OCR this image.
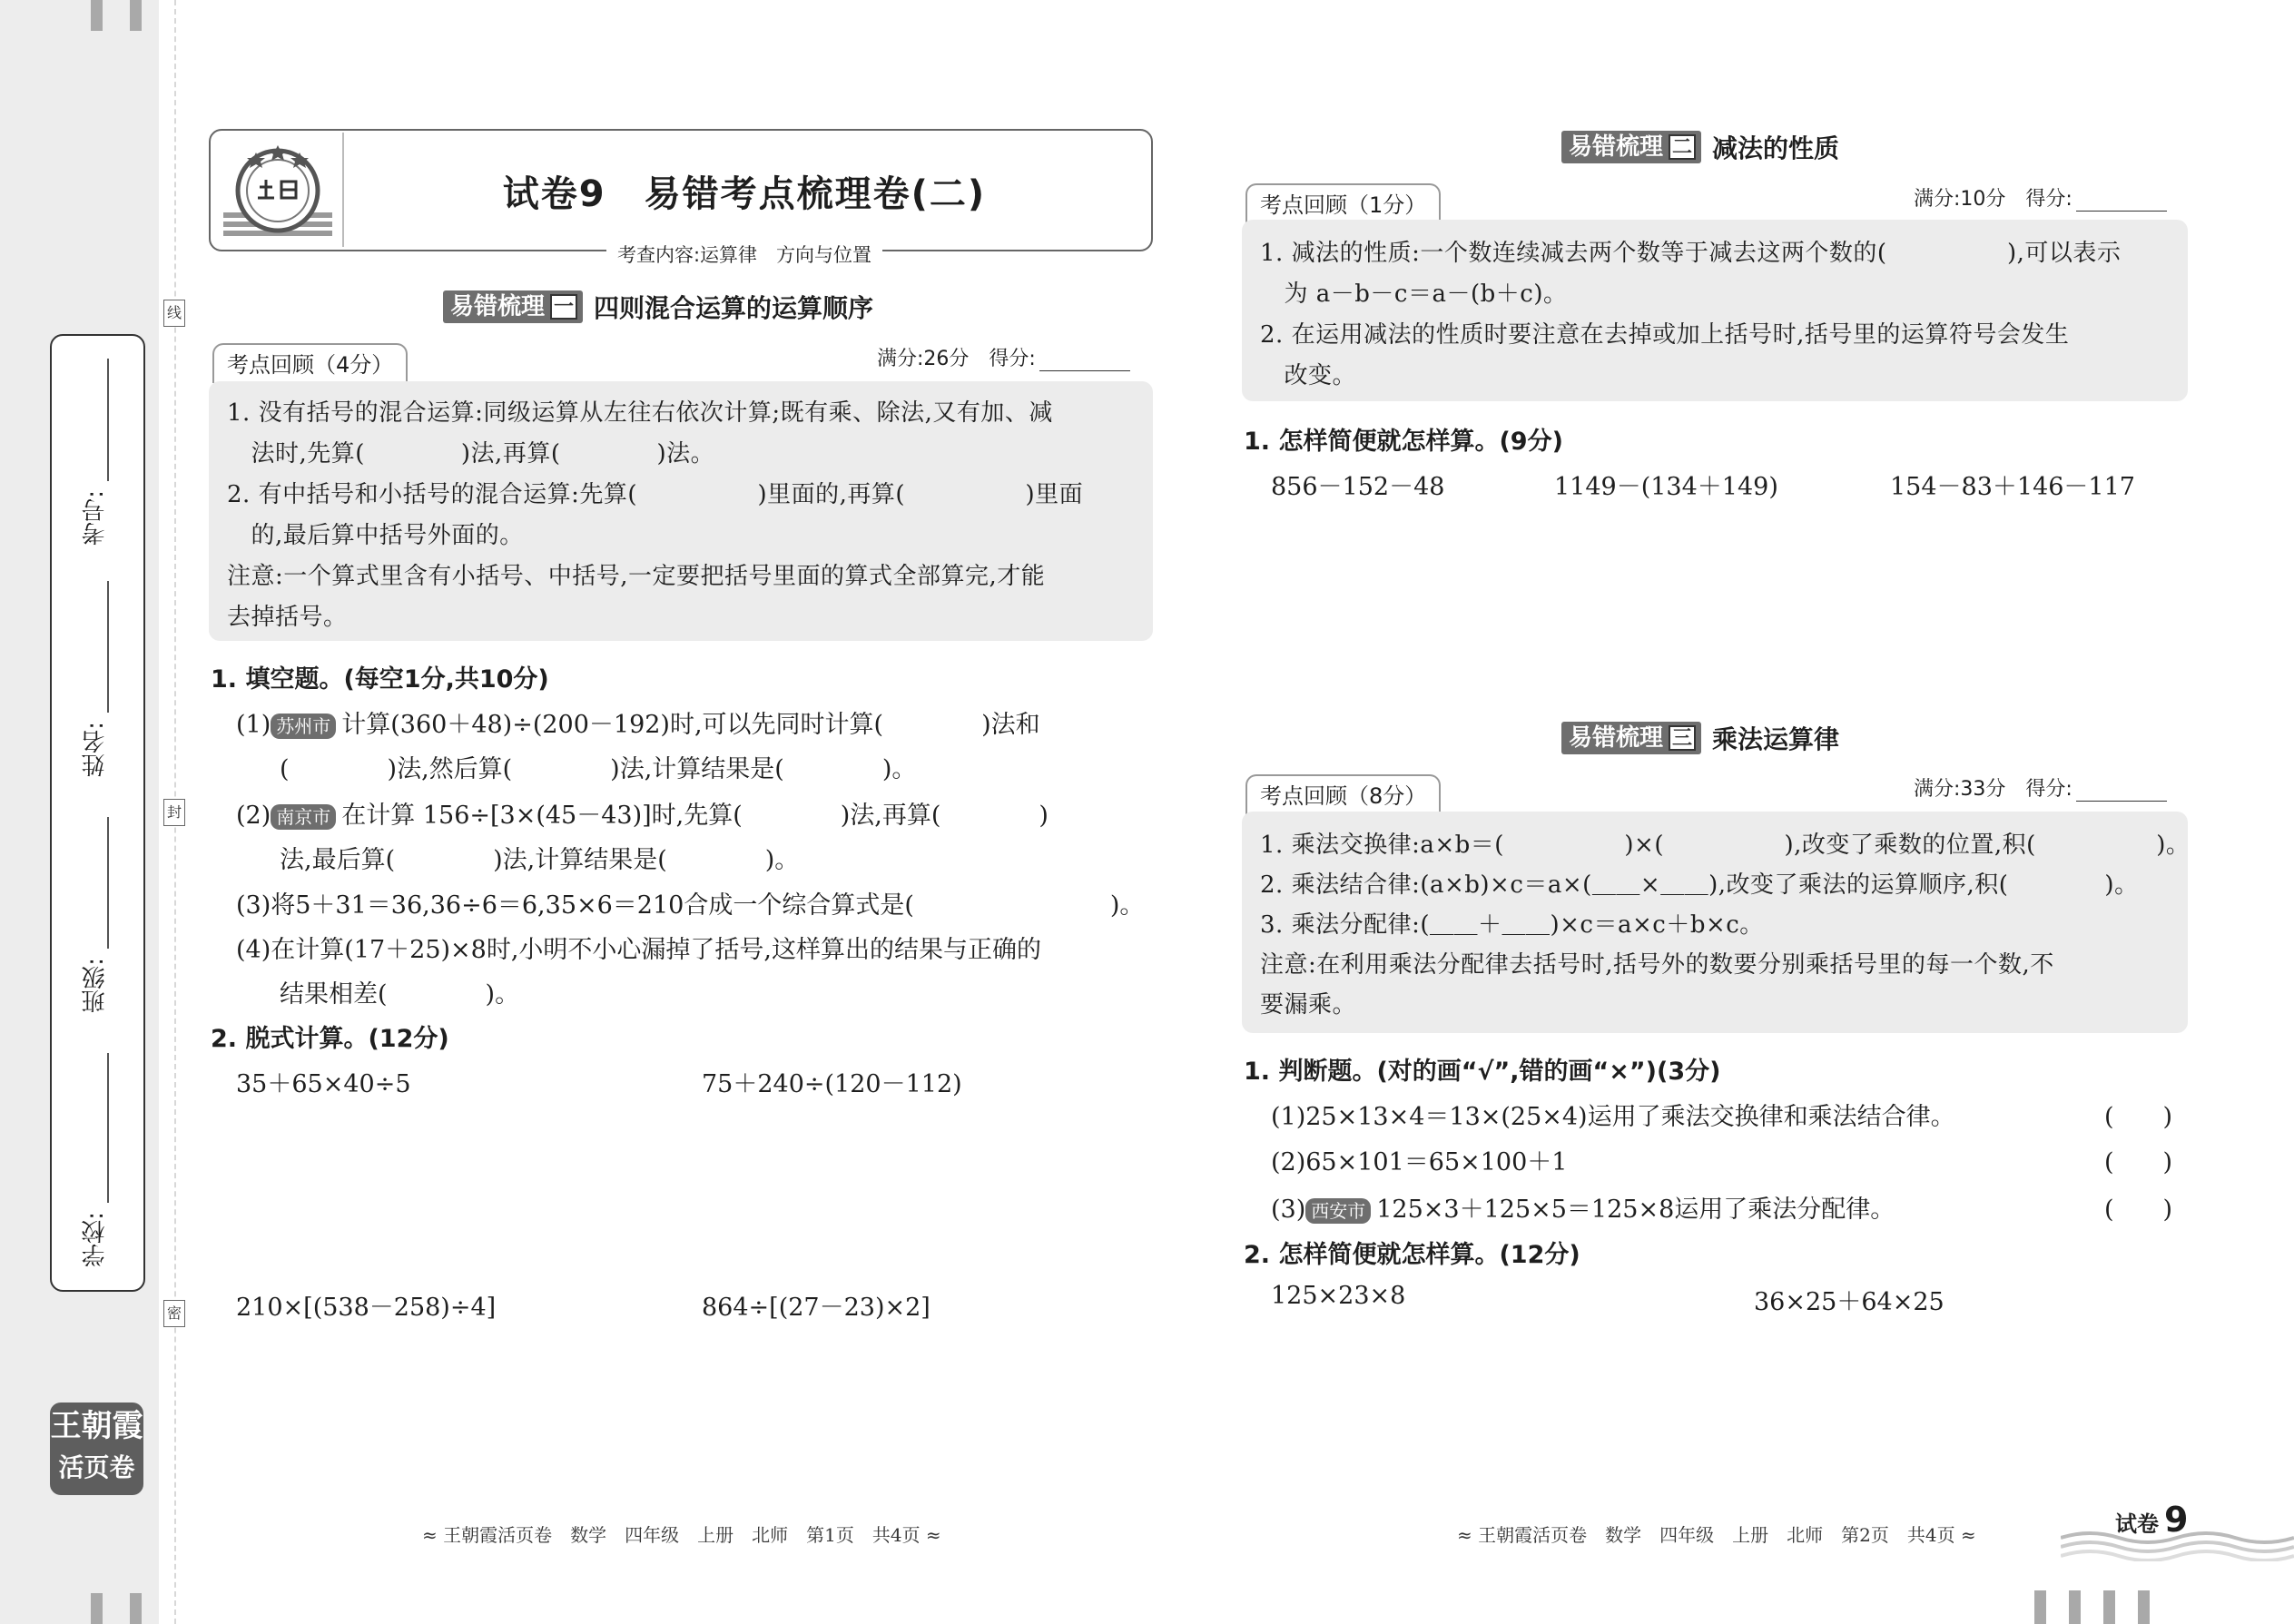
考号:
姓名:
班级:
学校:
线
封
密
王朝霞
活页卷
试卷9　易错考点梳理卷(二)
考查内容:运算律　方向与位置
易错梳理 一 四则混合运算的运算顺序
考点回顾（4分）	满分:26分　得分:
1. 没有括号的混合运算:同级运算从左往右依次计算;既有乘、除法,又有加、减
　法时,先算(　　　　)法,再算(　　　　)法。
2. 有中括号和小括号的混合运算:先算(　　　　　)里面的,再算(　　　　　)里面
　的,最后算中括号外面的。
注意:一个算式里含有小括号、中括号,一定要把括号里面的算式全部算完,才能
去掉括号。
1. 填空题。(每空1分,共10分)
(1) 苏州市 计算(360＋48)÷(200－192)时,可以先同时计算(　　　　)法和
(　　　　)法,然后算(　　　　)法,计算结果是(　　　　)。
(2) 南京市 在计算 156÷[3×(45－43)]时,先算(　　　　)法,再算(　　　　)
法,最后算(　　　　)法,计算结果是(　　　　)。
(3)将5＋31＝36,36÷6＝6,35×6＝210合成一个综合算式是(　　　　　　　　)。
(4)在计算(17＋25)×8时,小明不小心漏掉了括号,这样算出的结果与正确的
结果相差(　　　　)。
2. 脱式计算。(12分)
35＋65×40÷5	75＋240÷(120－112)
210×[(538－258)÷4]	864÷[(27－23)×2]
易错梳理 二 减法的性质
满分:10分　得分:
考点回顾（1分）
1. 减法的性质:一个数连续减去两个数等于减去这两个数的(　　　　　),可以表示
　为 a－b－c＝a－(b＋c)。
2. 在运用减法的性质时要注意在去掉或加上括号时,括号里的运算符号会发生
　改变。
1. 怎样简便就怎样算。(9分)
856－152－48	1149－(134＋149)	154－83＋146－117
易错梳理 三 乘法运算律
满分:33分　得分:
考点回顾（8分）
1. 乘法交换律:a×b＝(　　　　　)×(　　　　　),改变了乘数的位置,积(　　　　　)。
2. 乘法结合律:(a×b)×c＝a×(＿＿×＿＿),改变了乘法的运算顺序,积(　　　　)。
3. 乘法分配律:(＿＿＋＿＿)×c＝a×c＋b×c。
注意:在利用乘法分配律去括号时,括号外的数要分别乘括号里的每一个数,不
要漏乘。
1. 判断题。(对的画“√”,错的画“×”)(3分)
(1)25×13×4＝13×(25×4)运用了乘法交换律和乘法结合律。	(　　)
(2)65×101＝65×100＋1	(　　)
(3) 西安市 125×3＋125×5＝125×8运用了乘法分配律。	(　　)
2. 怎样简便就怎样算。(12分)
125×23×8	36×25＋64×25
≈ 王朝霞活页卷　数学　四年级　上册　北师　第1页　共4页 ≈	≈ 王朝霞活页卷　数学　四年级　上册　北师　第2页　共4页 ≈	试卷 9
